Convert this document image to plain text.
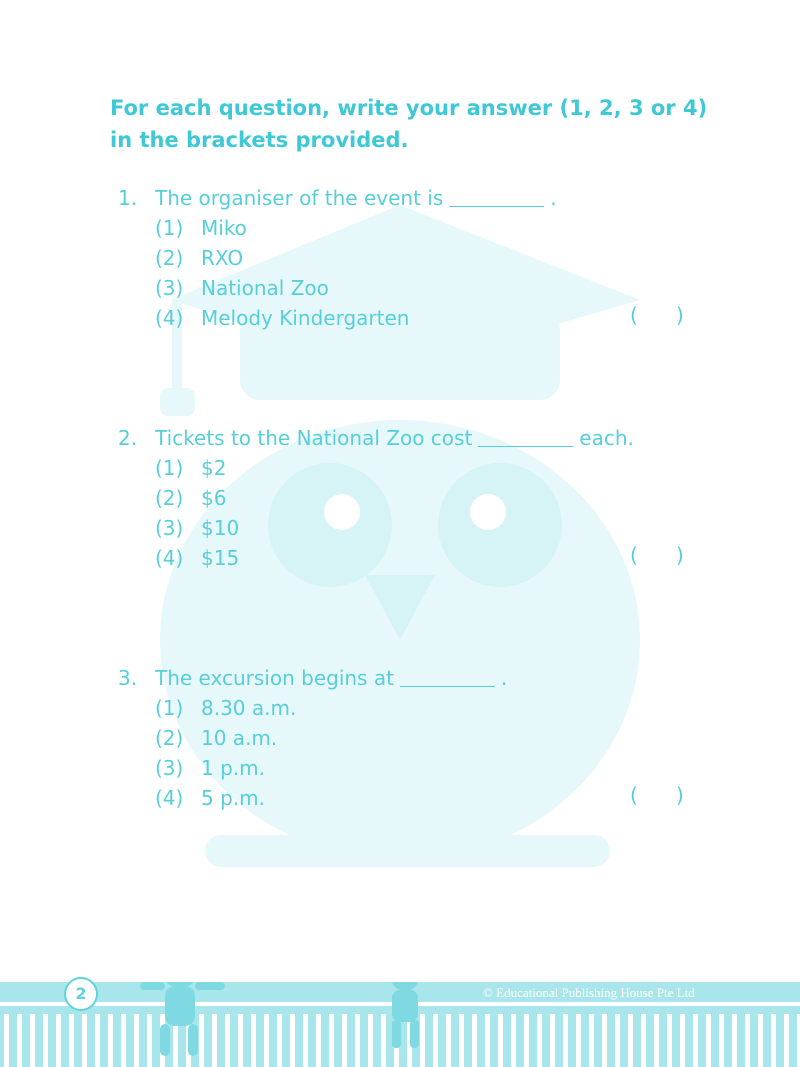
For each question, write your answer (1, 2, 3 or 4) in the brackets provided.
1. The organiser of the event is	.
(1) Miko
(2) RXO
(3) National Zoo
(4) Melody Kindergarten	(      )
2. Tickets to the National Zoo cost	each.
(1) $2
(2) $6
(3) $10
(4) $15	(      )
3. The excursion begins at	.
(1) 8.30 a.m.
(2) 10 a.m.
(3) 1 p.m.
(4) 5 p.m.	(      )
2	© Educational Publishing House Pte Ltd
